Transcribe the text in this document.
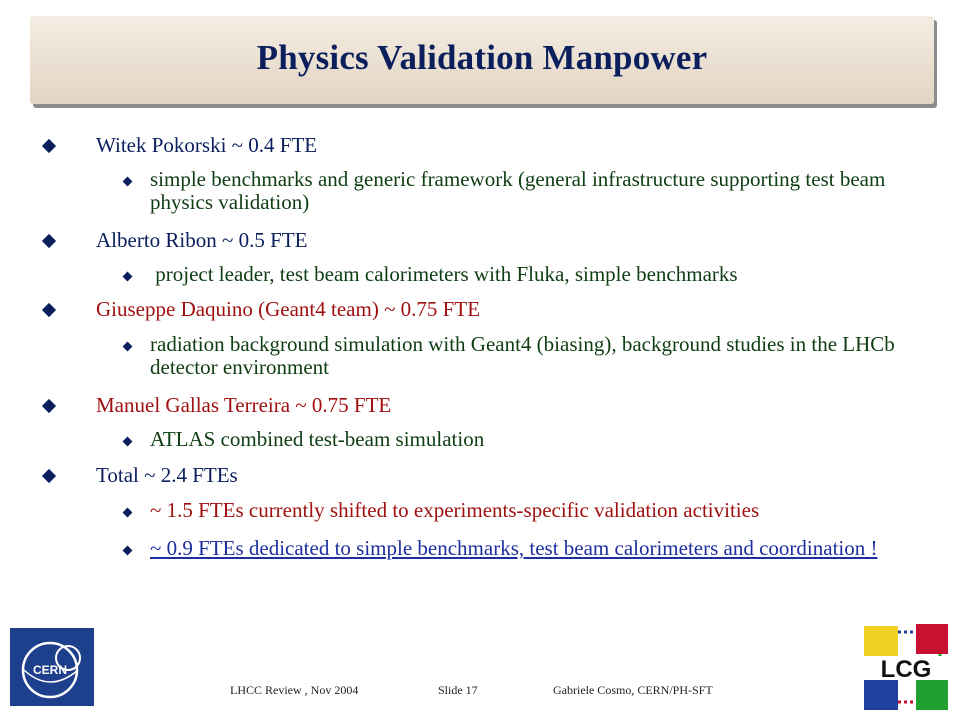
Physics Validation Manpower
Witek Pokorski ~ 0.4 FTE
simple benchmarks and generic framework (general infrastructure supporting test beam physics validation)
Alberto Ribon ~ 0.5 FTE
project leader, test beam calorimeters with Fluka, simple benchmarks
Giuseppe Daquino (Geant4 team) ~ 0.75 FTE
radiation background simulation with Geant4 (biasing), background studies in the LHCb detector environment
Manuel Gallas Terreira ~ 0.75 FTE
ATLAS combined test-beam simulation
Total ~ 2.4 FTEs
~ 1.5 FTEs currently shifted to experiments-specific validation activities
~ 0.9 FTEs dedicated to simple benchmarks, test beam calorimeters and coordination !
CERN
LHCC Review , Nov 2004	Slide 17	Gabriele Cosmo, CERN/PH-SFT
LCG
